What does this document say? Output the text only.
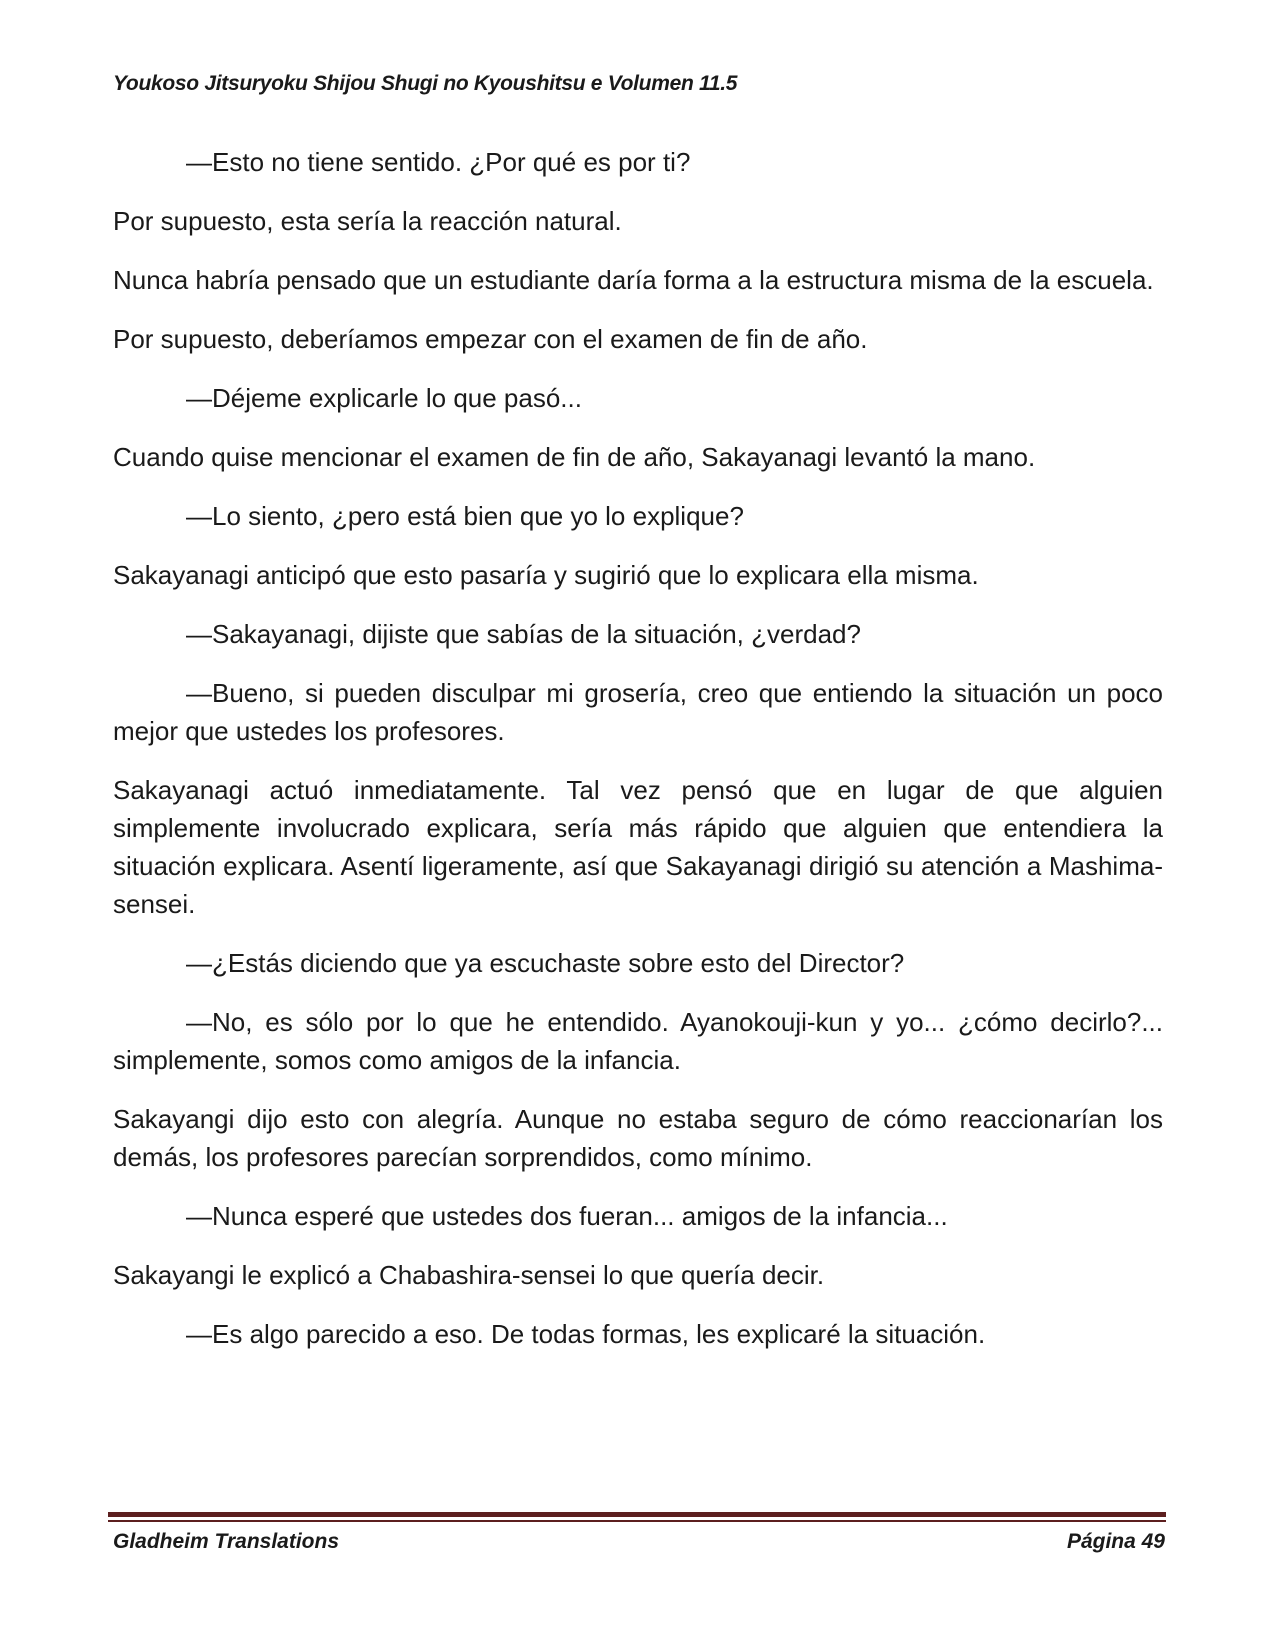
Youkoso Jitsuryoku Shijou Shugi no Kyoushitsu e Volumen 11.5

—Esto no tiene sentido. ¿Por qué es por ti?

Por supuesto, esta sería la reacción natural.

Nunca habría pensado que un estudiante daría forma a la estructura misma de la escuela.

Por supuesto, deberíamos empezar con el examen de fin de año.

—Déjeme explicarle lo que pasó...

Cuando quise mencionar el examen de fin de año, Sakayanagi levantó la mano.

—Lo siento, ¿pero está bien que yo lo explique?

Sakayanagi anticipó que esto pasaría y sugirió que lo explicara ella misma.

—Sakayanagi, dijiste que sabías de la situación, ¿verdad?

—Bueno, si pueden disculpar mi grosería, creo que entiendo la situación un poco mejor que ustedes los profesores.

Sakayanagi actuó inmediatamente. Tal vez pensó que en lugar de que alguien simplemente involucrado explicara, sería más rápido que alguien que entendiera la situación explicara. Asentí ligeramente, así que Sakayanagi dirigió su atención a Mashima-sensei.

—¿Estás diciendo que ya escuchaste sobre esto del Director?

—No, es sólo por lo que he entendido. Ayanokouji-kun y yo... ¿cómo decirlo?... simplemente, somos como amigos de la infancia.

Sakayangi dijo esto con alegría. Aunque no estaba seguro de cómo reaccionarían los demás, los profesores parecían sorprendidos, como mínimo.

—Nunca esperé que ustedes dos fueran... amigos de la infancia...

Sakayangi le explicó a Chabashira-sensei lo que quería decir.

—Es algo parecido a eso. De todas formas, les explicaré la situación.

Gladheim Translations	Página 49
